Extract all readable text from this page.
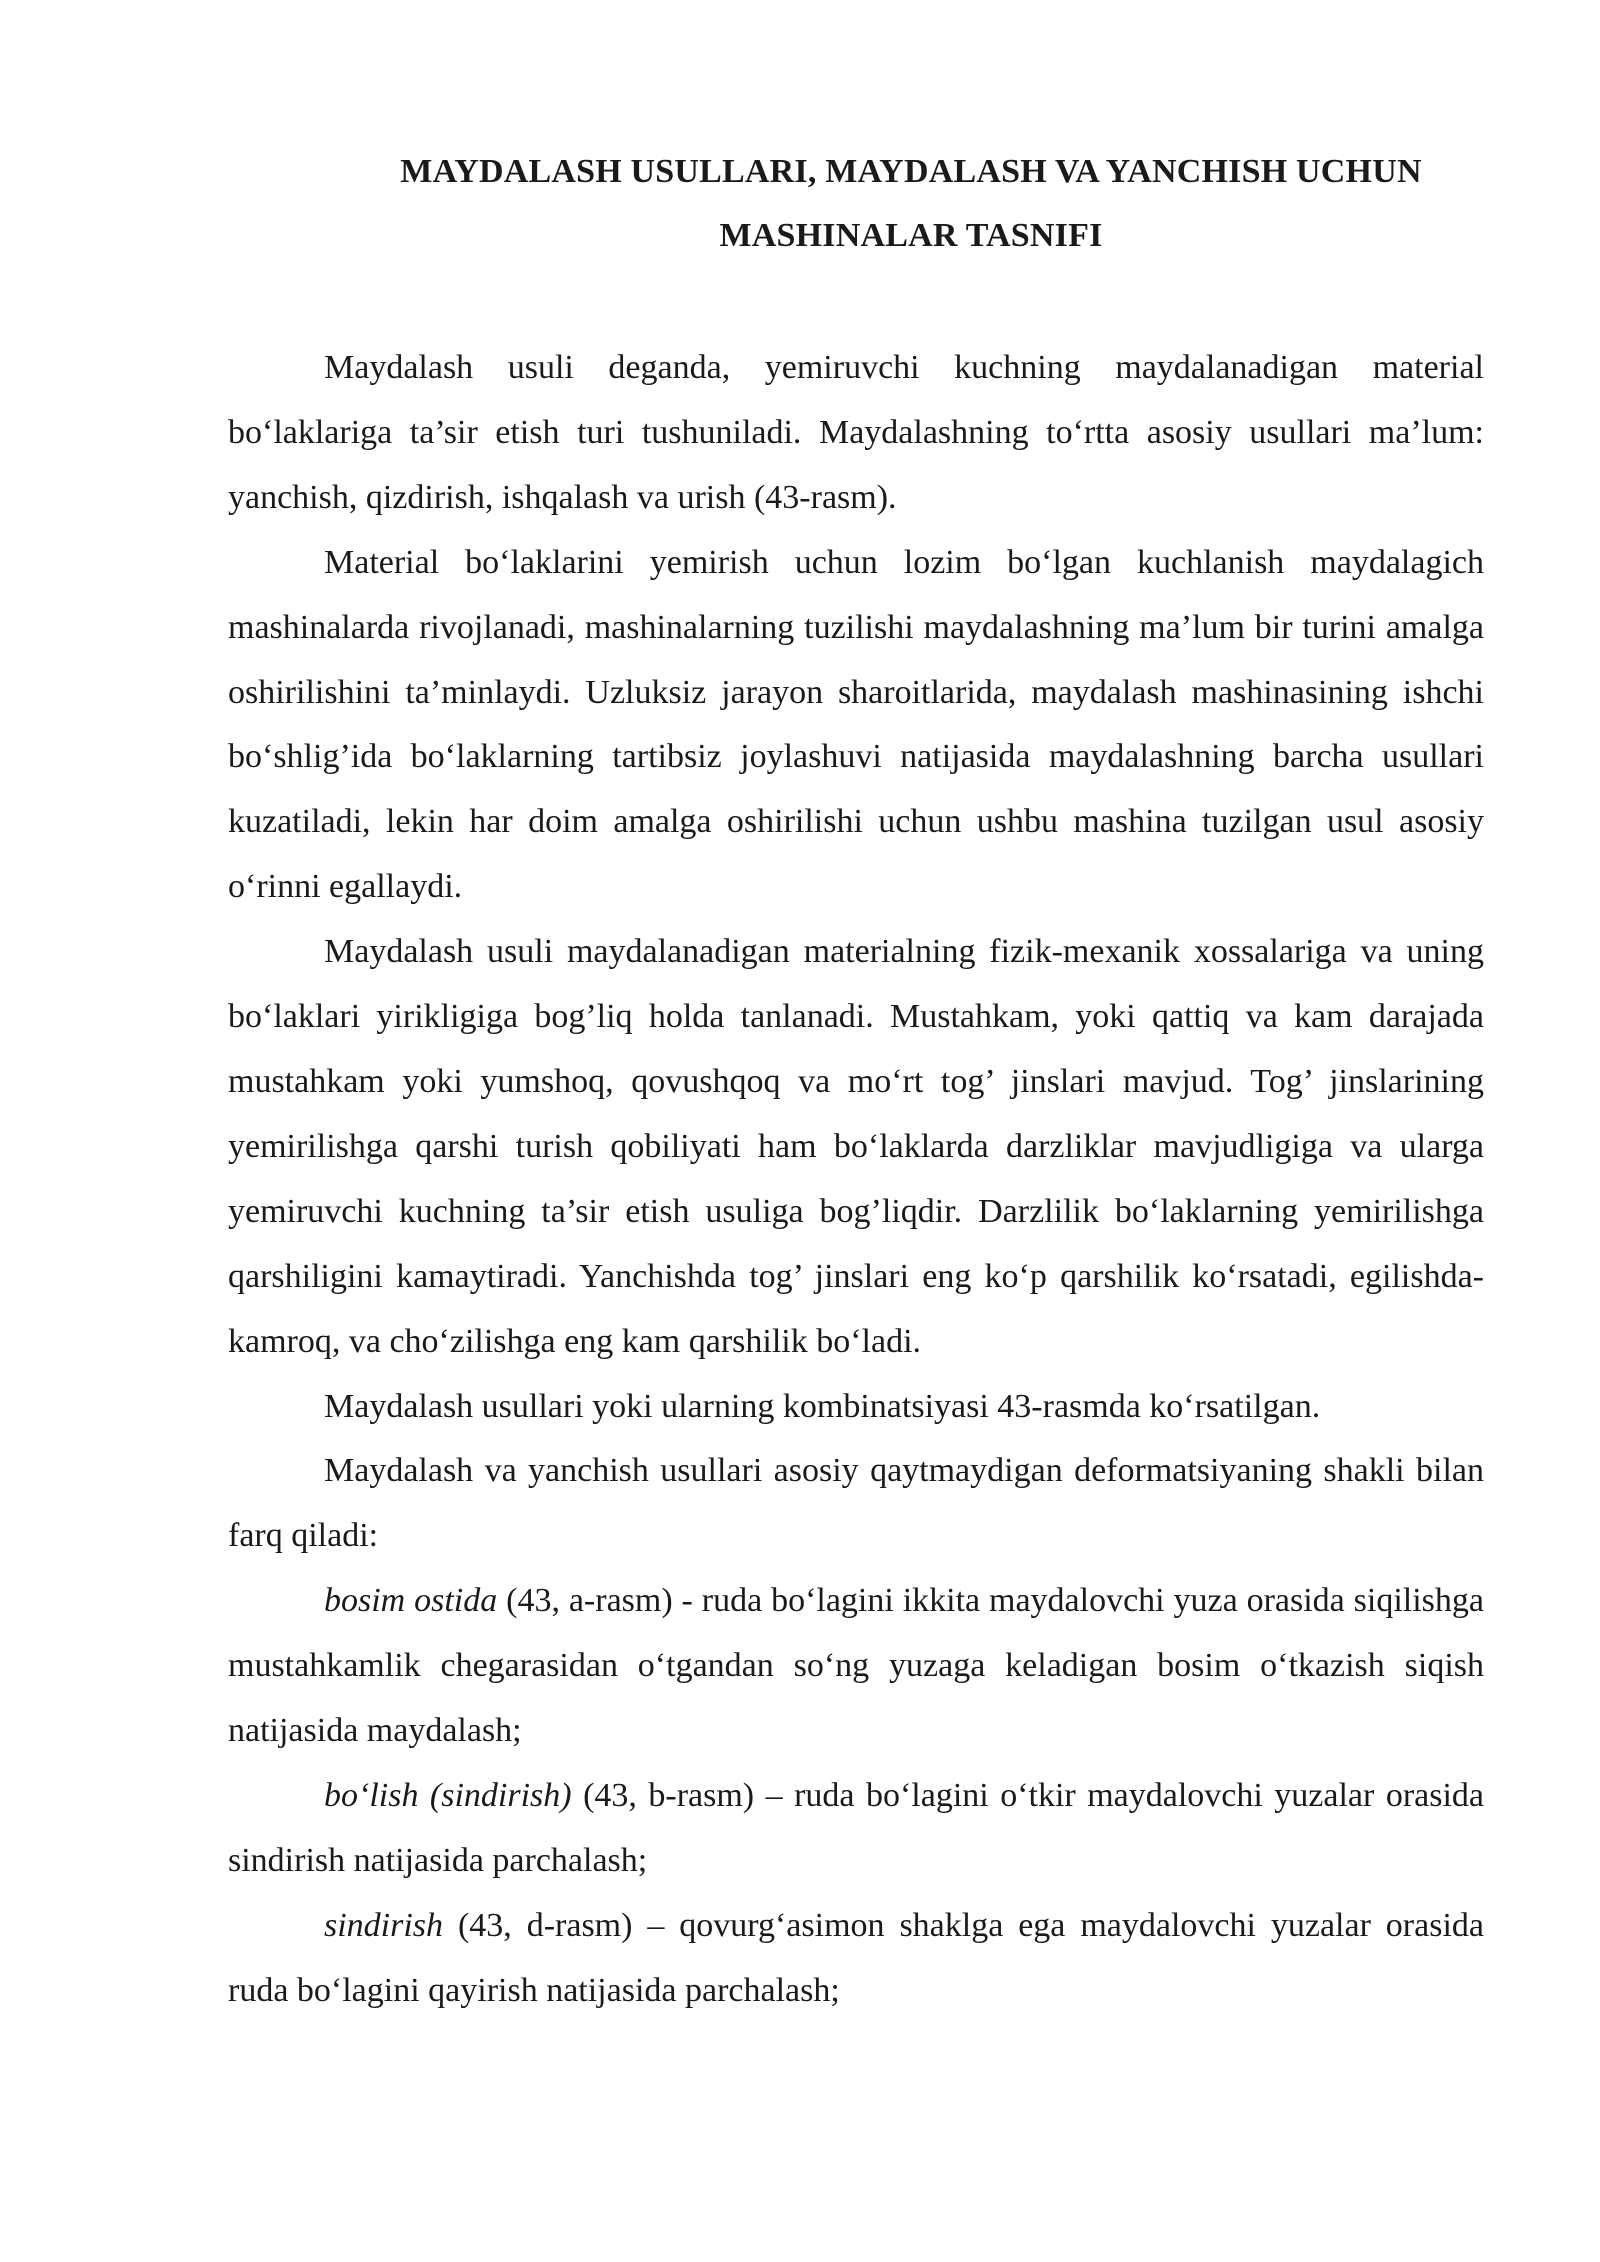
MAYDALASH USULLARI, MAYDALASH VA YANCHISH UCHUN
MASHINALAR TASNIFI

Maydalash usuli deganda, yemiruvchi kuchning maydalanadigan material bo‘laklariga ta’sir etish turi tushuniladi. Maydalashning to‘rtta asosiy usullari ma’lum: yanchish, qizdirish, ishqalash va urish (43-rasm).

Material bo‘laklarini yemirish uchun lozim bo‘lgan kuchlanish maydalagich mashinalarda rivojlanadi, mashinalarning tuzilishi maydalashning ma’lum bir turini amalga oshirilishini ta’minlaydi. Uzluksiz jarayon sharoitlarida, maydalash mashinasining ishchi bo‘shlig’ida bo‘laklarning tartibsiz joylashuvi natijasida maydalashning barcha usullari kuzatiladi, lekin har doim amalga oshirilishi uchun ushbu mashina tuzilgan usul asosiy o‘rinni egallaydi.

Maydalash usuli maydalanadigan materialning fizik-mexanik xossalariga va uning bo‘laklari yirikligiga bog’liq holda tanlanadi. Mustahkam, yoki qattiq va kam darajada mustahkam yoki yumshoq, qovushqoq va mo‘rt tog’ jinslari mavjud. Tog’ jinslarining yemirilishga qarshi turish qobiliyati ham bo‘laklarda darzliklar mavjudligiga va ularga yemiruvchi kuchning ta’sir etish usuliga bog’liqdir. Darzlilik bo‘laklarning yemirilishga qarshiligini kamaytiradi. Yanchishda tog’ jinslari eng ko‘p qarshilik ko‘rsatadi, egilishda-kamroq, va cho‘zilishga eng kam qarshilik bo‘ladi.

Maydalash usullari yoki ularning kombinatsiyasi 43-rasmda ko‘rsatilgan.

Maydalash va yanchish usullari asosiy qaytmaydigan deformatsiyaning shakli bilan farq qiladi:

bosim ostida (43, a-rasm) - ruda bo‘lagini ikkita maydalovchi yuza orasida siqilishga mustahkamlik chegarasidan o‘tgandan so‘ng yuzaga keladigan bosim o‘tkazish siqish natijasida maydalash;

bo‘lish (sindirish) (43, b-rasm) – ruda bo‘lagini o‘tkir maydalovchi yuzalar orasida sindirish natijasida parchalash;

sindirish (43, d-rasm) – qovurg‘asimon shaklga ega maydalovchi yuzalar orasida ruda bo‘lagini qayirish natijasida parchalash;
